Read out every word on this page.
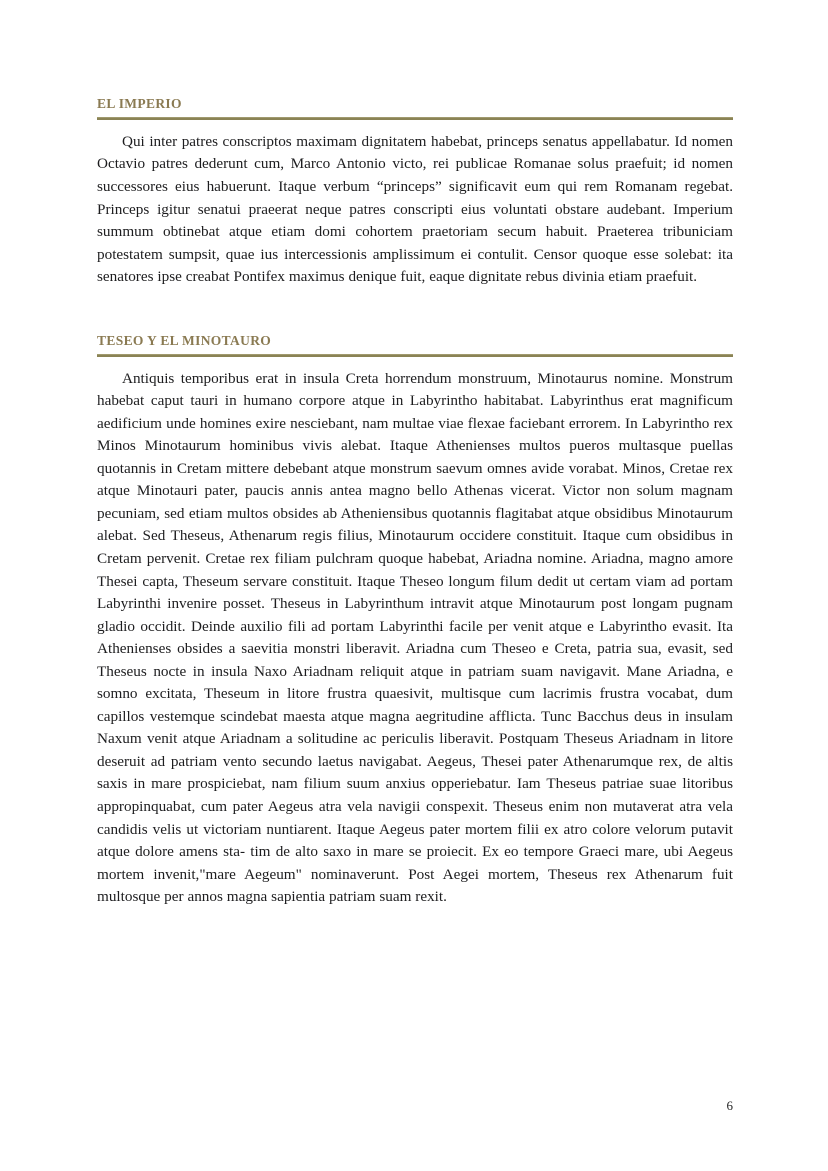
EL IMPERIO

Qui inter patres conscriptos maximam dignitatem habebat, princeps senatus appellabatur. Id nomen Octavio patres dederunt cum, Marco Antonio victo, rei publicae Romanae solus praefuit; id nomen successores eius habuerunt. Itaque verbum “princeps” significavit eum qui rem Romanam regebat. Princeps igitur senatui praeerat neque patres conscripti eius voluntati obstare audebant. Imperium summum obtinebat atque etiam domi cohortem praetoriam secum habuit. Praeterea tribuniciam potestatem sumpsit, quae ius intercessionis amplissimum ei contulit. Censor quoque esse solebat: ita senatores ipse creabat Pontifex maximus denique fuit, eaque dignitate rebus divinia etiam praefuit.

TESEO Y EL MINOTAURO

Antiquis temporibus erat in insula Creta horrendum monstruum, Minotaurus nomine. Monstrum habebat caput tauri in humano corpore atque in Labyrintho habitabat. Labyrinthus erat magnificum aedificium unde homines exire nesciebant, nam multae viae flexae faciebant errorem. In Labyrintho rex Minos Minotaurum hominibus vivis alebat. Itaque Athenienses multos pueros multasque puellas quotannis in Cretam mittere debebant atque monstrum saevum omnes avide vorabat. Minos, Cretae rex atque Minotauri pater, paucis annis antea magno bello Athenas vicerat. Victor non solum magnam pecuniam, sed etiam multos obsides ab Atheniensibus quotannis flagitabat atque obsidibus Minotaurum alebat. Sed Theseus, Athenarum regis filius, Minotaurum occidere constituit. Itaque cum obsidibus in Cretam pervenit. Cretae rex filiam pulchram quoque habebat, Ariadna nomine. Ariadna, magno amore Thesei capta, Theseum servare constituit. Itaque Theseo longum filum dedit ut certam viam ad portam Labyrinthi invenire posset. Theseus in Labyrinthum intravit atque Minotaurum post longam pugnam gladio occidit. Deinde auxilio fili ad portam Labyrinthi facile per venit atque e Labyrintho evasit. Ita Athenienses obsides a saevitia monstri liberavit. Ariadna cum Theseo e Creta, patria sua, evasit, sed Theseus nocte in insula Naxo Ariadnam reliquit atque in patriam suam navigavit. Mane Ariadna, e somno excitata, Theseum in litore frustra quaesivit, multisque cum lacrimis frustra vocabat, dum capillos vestemque scindebat maesta atque magna aegritudine afflicta. Tunc Bacchus deus in insulam Naxum venit atque Ariadnam a solitudine ac periculis liberavit. Postquam Theseus Ariadnam in litore deseruit ad patriam vento secundo laetus navigabat. Aegeus, Thesei pater Athenarumque rex, de altis saxis in mare prospiciebat, nam filium suum anxius opperiebatur. Iam Theseus patriae suae litoribus appropinquabat, cum pater Aegeus atra vela navigii conspexit. Theseus enim non mutaverat atra vela candidis velis ut victoriam nuntiarent. Itaque Aegeus pater mortem filii ex atro colore velorum putavit atque dolore amens sta- tim de alto saxo in mare se proiecit. Ex eo tempore Graeci mare, ubi Aegeus mortem invenit,"mare Aegeum" nominaverunt. Post Aegei mortem, Theseus rex Athenarum fuit multosque per annos magna sapientia patriam suam rexit.

6
